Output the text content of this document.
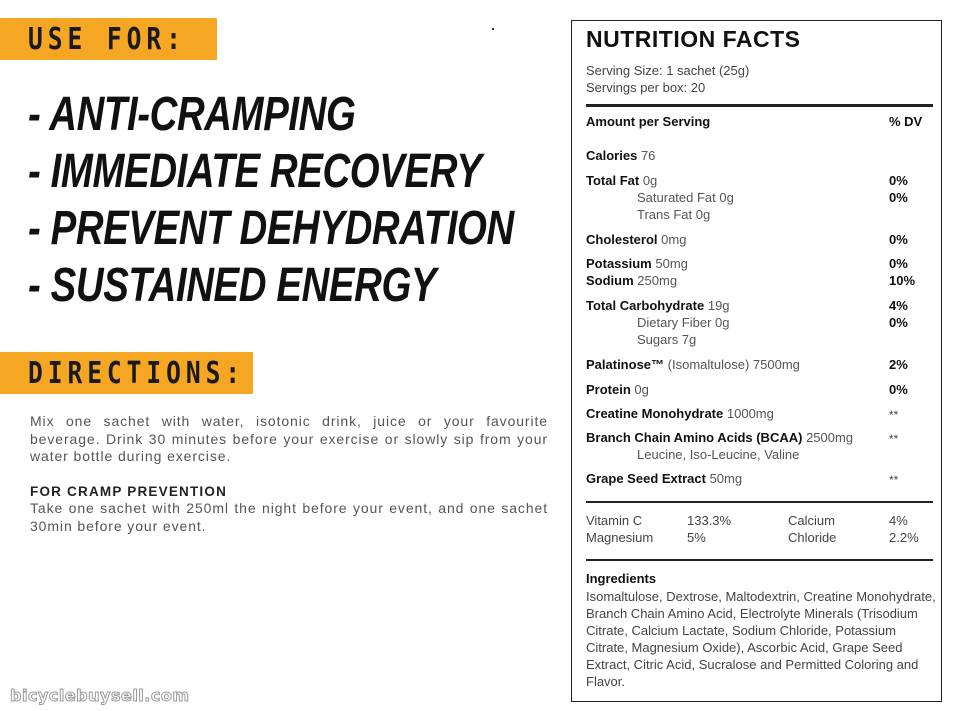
USE FOR:
- ANTI-CRAMPING
- IMMEDIATE RECOVERY
- PREVENT DEHYDRATION
- SUSTAINED ENERGY
DIRECTIONS:

Mix one sachet with water, isotonic drink, juice or your favourite beverage. Drink 30 minutes before your exercise or slowly sip from your water bottle during exercise.

FOR CRAMP PREVENTION

Take one sachet with 250ml the night before your event, and one sachet 30min before your event.

bicyclebuysell.com
NUTRITION FACTS
Serving Size: 1 sachet (25g)
Servings per box: 20
Amount per Serving	% DV
Calories 76
Total Fat 0g	0%
Saturated Fat 0g	0%
Trans Fat 0g
Cholesterol 0mg	0%
Potassium 50mg	0%
Sodium 250mg	10%
Total Carbohydrate 19g	4%
Dietary Fiber 0g	0%
Sugars 7g
Palatinose™ (Isomaltulose) 7500mg	2%
Protein 0g	0%
Creatine Monohydrate 1000mg	**
Branch Chain Amino Acids (BCAA) 2500mg	**
Leucine, Iso-Leucine, Valine
Grape Seed Extract 50mg	**
Vitamin C	133.3%	Calcium	4%
Magnesium	5%	Chloride	2.2%
Ingredients
Isomaltulose, Dextrose, Maltodextrin, Creatine Monohydrate, Branch Chain Amino Acid, Electrolyte Minerals (Trisodium Citrate, Calcium Lactate, Sodium Chloride, Potassium Citrate, Magnesium Oxide), Ascorbic Acid, Grape Seed Extract, Citric Acid, Sucralose and Permitted Coloring and Flavor.
